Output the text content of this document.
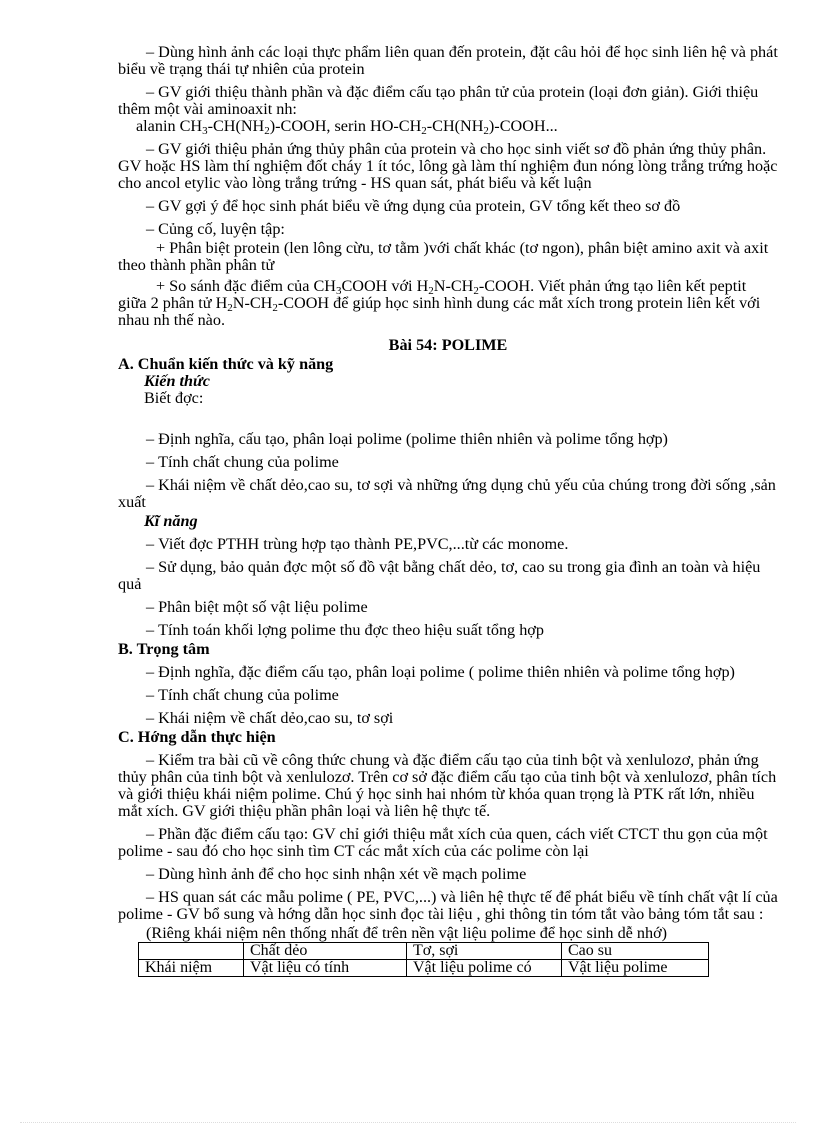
– Dùng hình ảnh các loại thực phẩm liên quan đến protein, đặt câu hỏi để học sinh liên hệ và phát biểu về trạng thái tự nhiên của protein

– GV giới thiệu thành phần và đặc điểm cấu tạo phân tử của protein (loại đơn giản). Giới thiệu thêm một vài aminoaxit nh:
alanin $CH_3-CH(NH_2)$-COOH, serin $HO-CH_2-CH(NH_2)$-COOH...

– GV giới thiệu phản ứng thủy phân của protein và cho học sinh viết sơ đồ phản ứng thủy phân. GV hoặc HS làm thí nghiệm đốt cháy 1 ít tóc, lông gà làm thí nghiệm đun nóng lòng trắng trứng hoặc cho ancol etylic vào lòng trắng trứng - HS quan sát, phát biểu và kết luận

– GV gợi ý để học sinh phát biểu về ứng dụng của protein, GV tổng kết theo sơ đồ

– Củng cố, luyện tập:

+ Phân biệt protein (len lông cừu, tơ tằm )với chất khác (tơ ngon), phân biệt amino axit và axit theo thành phần phân tử

+ So sánh đặc điểm của $CH_3COOH$ với $H_2N-CH_2$-COOH. Viết phản ứng tạo liên kết peptit giữa 2 phân tử $H_2N-CH_2$-COOH để giúp học sinh hình dung các mắt xích trong protein liên kết với nhau nh thế nào.

Bài 54: POLIME

A. Chuẩn kiến thức và kỹ năng

Kiến thức

Biết đợc:

– Định nghĩa, cấu tạo, phân loại polime (polime thiên nhiên và polime tổng hợp)

– Tính chất chung của polime

– Khái niệm về chất dẻo,cao su, tơ sợi và những ứng dụng chủ yếu của chúng trong đời sống ,sản xuất

Kĩ năng

– Viết đợc PTHH trùng hợp tạo thành PE,PVC,...từ các monome.

– Sử dụng, bảo quản đợc một số đồ vật bằng chất dẻo, tơ, cao su trong gia đình an toàn và hiệu quả

– Phân biệt một số vật liệu polime

– Tính toán khối lợng polime thu đợc theo hiệu suất tổng hợp

B. Trọng tâm

– Định nghĩa, đặc điểm cấu tạo, phân loại polime ( polime thiên nhiên và polime tổng hợp)

– Tính chất chung của polime

– Khái niệm về chất dẻo,cao su, tơ sợi

C. Hớng dẫn thực hiện

– Kiểm tra bài cũ về công thức chung và đặc điểm cấu tạo của tinh bột và xenlulozơ, phản ứng thủy phân của tinh bột và xenlulozơ. Trên cơ sở đặc điểm cấu tạo của tinh bột và xenlulozơ, phân tích và giới thiệu khái niệm polime. Chú ý học sinh hai nhóm từ khóa quan trọng là PTK rất lớn, nhiều mắt xích. GV giới thiệu phần phân loại và liên hệ thực tế.

– Phần đặc điểm cấu tạo: GV chỉ giới thiệu mắt xích của quen, cách viết CTCT thu gọn của một polime - sau đó cho học sinh tìm CT các mắt xích của các polime còn lại

– Dùng hình ảnh để cho học sinh nhận xét về mạch polime

– HS quan sát các mẫu polime ( PE, PVC,...) và liên hệ thực tế để phát biểu về tính chất vật lí của polime - GV bổ sung và hớng dẫn học sinh đọc tài liệu , ghi thông tin tóm tắt vào bảng tóm tắt sau :

(Riêng khái niệm nên thống nhất để trên nền vật liệu polime để học sinh dễ nhớ)

	Chất dẻo	Tơ, sợi	Cao su
Khái niệm	Vật liệu có tính	Vật liệu polime có	Vật liệu polime
